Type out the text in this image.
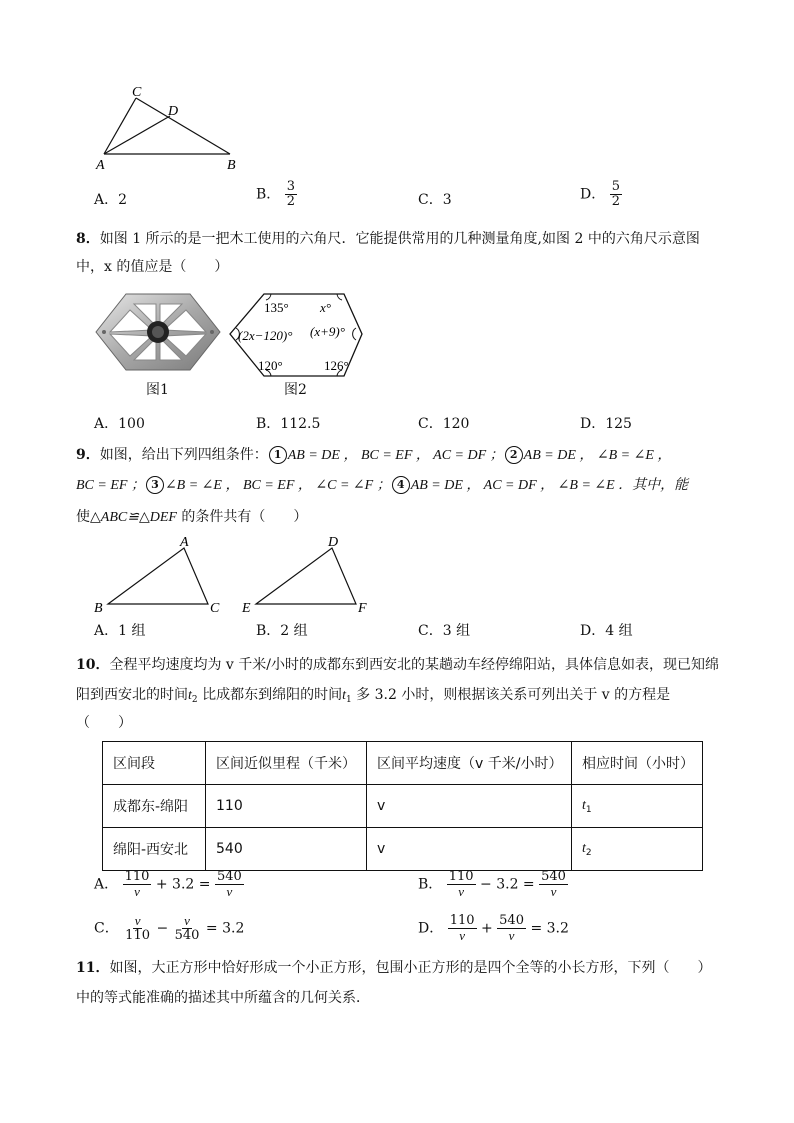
C
D
A	B
A．2	B． $\frac{3}{2}$	C．3	D． $\frac{5}{2}$
8．如图 1 所示的是一把木工使用的六角尺．它能提供常用的几种测量角度,如图 2 中的六角尺示意图
中，x 的值应是（　　）
图1
135° x°
(2x−120)° (x+9)°
120°	126°
图2
A．100	B．112.5	C．120	D．125
9．如图，给出下列四组条件： 1 AB = DE ， BC = EF ， AC = DF ； 2 AB = DE ， ∠B = ∠E ，
BC = EF ； 3 ∠B = ∠E ， BC = EF ， ∠C = ∠F ； 4 AB = DE ， AC = DF ， ∠B = ∠E ．其中，能
使△ABC≌△DEF 的条件共有（　　）
A
B	C
D
E	F
A．1 组	B．2 组	C．3 组	D．4 组
10．全程平均速度均为 v 千米/小时的成都东到西安北的某趟动车经停绵阳站，具体信息如表，现已知绵
阳到西安北的时间$t_2$ 比成都东到绵阳的时间$t_1$ 多 3.2 小时，则根据该关系可列出关于 v 的方程是
（　　）
区间段	区间近似里程（千米）	区间平均速度（v 千米/小时）	相应时间（小时）
成都东-绵阳	110	v	$t_1$
绵阳-西安北	540	v	$t_2$
A． $\frac{110}{v} + 3.2 = \frac{540}{v}$	B． $\frac{110}{v} - 3.2 = \frac{540}{v}$
C． $\frac{v}{110} - \frac{v}{540} = 3.2$	D． $\frac{110}{v} + \frac{540}{v} = 3.2$
11．如图，大正方形中恰好形成一个小正方形，包围小正方形的是四个全等的小长方形，下列（　　）
中的等式能准确的描述其中所蕴含的几何关系．
